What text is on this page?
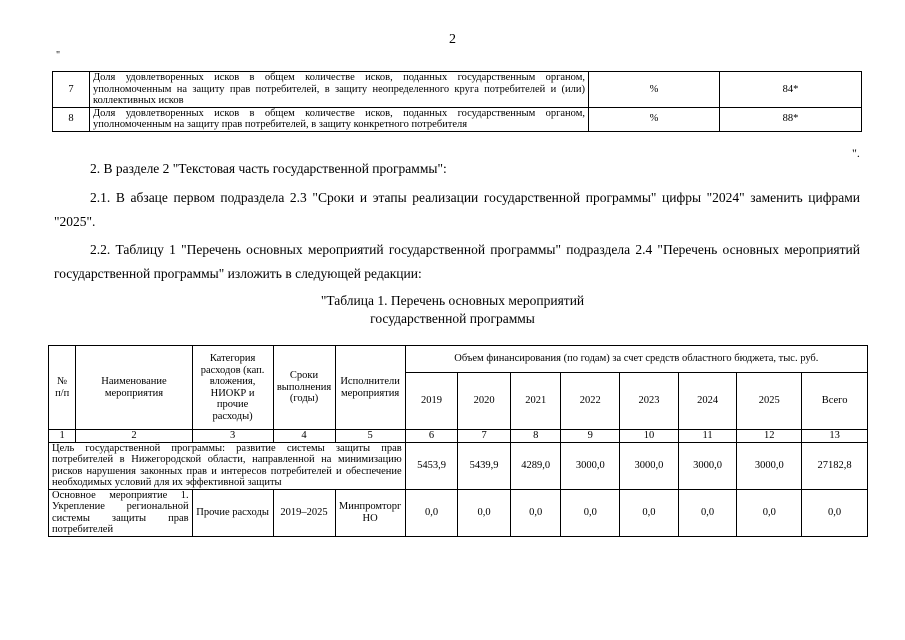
2
"
7	Доля удовлетворенных исков в общем количестве исков, поданных государственным органом, уполномоченным на защиту прав потребителей, в защиту неопределенного круга потребителей и (или) коллективных исков	%	84*
8	Доля удовлетворенных исков в общем количестве исков, поданных государственным органом, уполномоченным на защиту прав потребителей, в защиту конкретного потребителя	%	88*
".
2. В разделе 2 "Текстовая часть государственной программы":
2.1. В абзаце первом подраздела 2.3 "Сроки и этапы реализации государственной программы" цифры "2024" заменить цифрами "2025".
2.2. Таблицу 1 "Перечень основных мероприятий государственной программы" подраздела 2.4 "Перечень основных мероприятий государственной программы" изложить в следующей редакции:
"Таблица 1. Перечень основных мероприятий
государственной программы
№ п/п	Наименование мероприятия	Категория расходов (кап. вложения, НИОКР и прочие расходы)	Сроки выполнения (годы)	Исполнители мероприятия	Объем финансирования (по годам) за счет средств областного бюджета, тыс. руб.							
					2019	2020	2021	2022	2023	2024	2025	Всего
1	2	3	4	5	6	7	8	9	10	11	12	13
Цель государственной программы: развитие системы защиты прав потребителей в Нижегородской области, направленной на минимизацию рисков нарушения законных прав и интересов потребителей и обеспечение необходимых условий для их эффективной защиты					5453,9	5439,9	4289,0	3000,0	3000,0	3000,0	3000,0	27182,8
Основное мероприятие 1. Укрепление региональной системы защиты прав потребителей		Прочие расходы	2019–2025	Минпромторг НО	0,0	0,0	0,0	0,0	0,0	0,0	0,0	0,0
